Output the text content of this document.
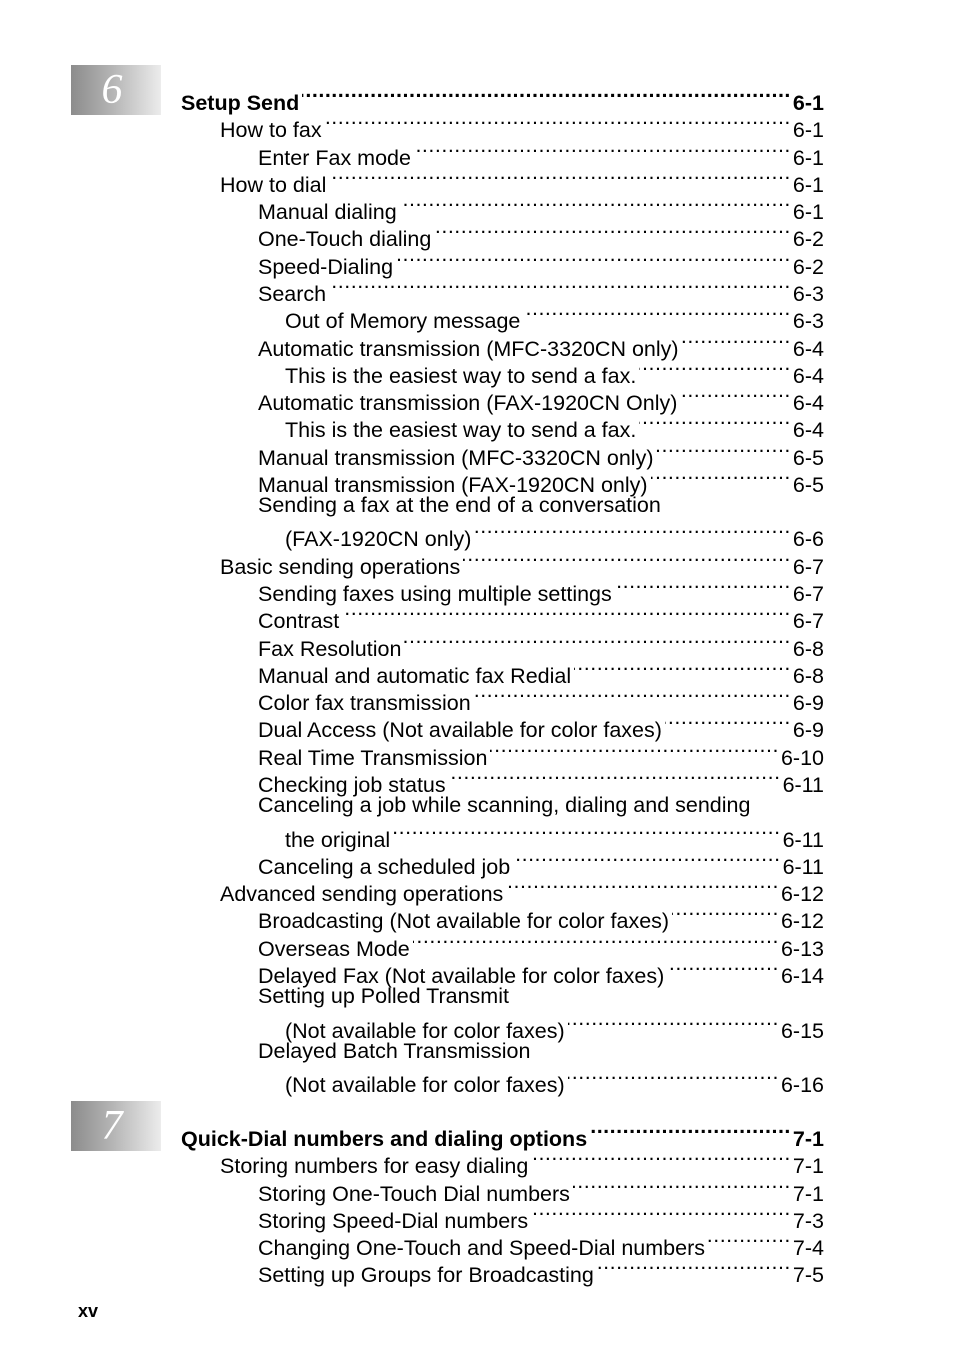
6	Setup Send .....	6-1
How to fax .....	6-1
Enter Fax mode .....	6-1
How to dial .....	6-1
Manual dialing .....	6-1
One-Touch dialing .....	6-2
Speed-Dialing .....	6-2
Search .....	6-3
Out of Memory message .....	6-3
Automatic transmission (MFC-3320CN only) .....	6-4
This is the easiest way to send a fax. .....	6-4
Automatic transmission (FAX-1920CN Only) .....	6-4
This is the easiest way to send a fax. .....	6-4
Manual transmission (MFC-3320CN only) .....	6-5
Manual transmission (FAX-1920CN only) .....	6-5
Sending a fax at the end of a conversation
(FAX-1920CN only) .....	6-6
Basic sending operations .....	6-7
Sending faxes using multiple settings .....	6-7
Contrast .....	6-7
Fax Resolution .....	6-8
Manual and automatic fax Redial .....	6-8
Color fax transmission .....	6-9
Dual Access (Not available for color faxes) .....	6-9
Real Time Transmission .....	6-10
Checking job status .....	6-11
Canceling a job while scanning, dialing and sending
the original .....	6-11
Canceling a scheduled job .....	6-11
Advanced sending operations .....	6-12
Broadcasting (Not available for color faxes) .....	6-12
Overseas Mode .....	6-13
Delayed Fax (Not available for color faxes) .....	6-14
Setting up Polled Transmit
(Not available for color faxes) .....	6-15
Delayed Batch Transmission
(Not available for color faxes) .....	6-16
7	Quick-Dial numbers and dialing options .....	7-1
Storing numbers for easy dialing .....	7-1
Storing One-Touch Dial numbers .....	7-1
Storing Speed-Dial numbers .....	7-3
Changing One-Touch and Speed-Dial numbers .....	7-4
Setting up Groups for Broadcasting .....	7-5
xv
